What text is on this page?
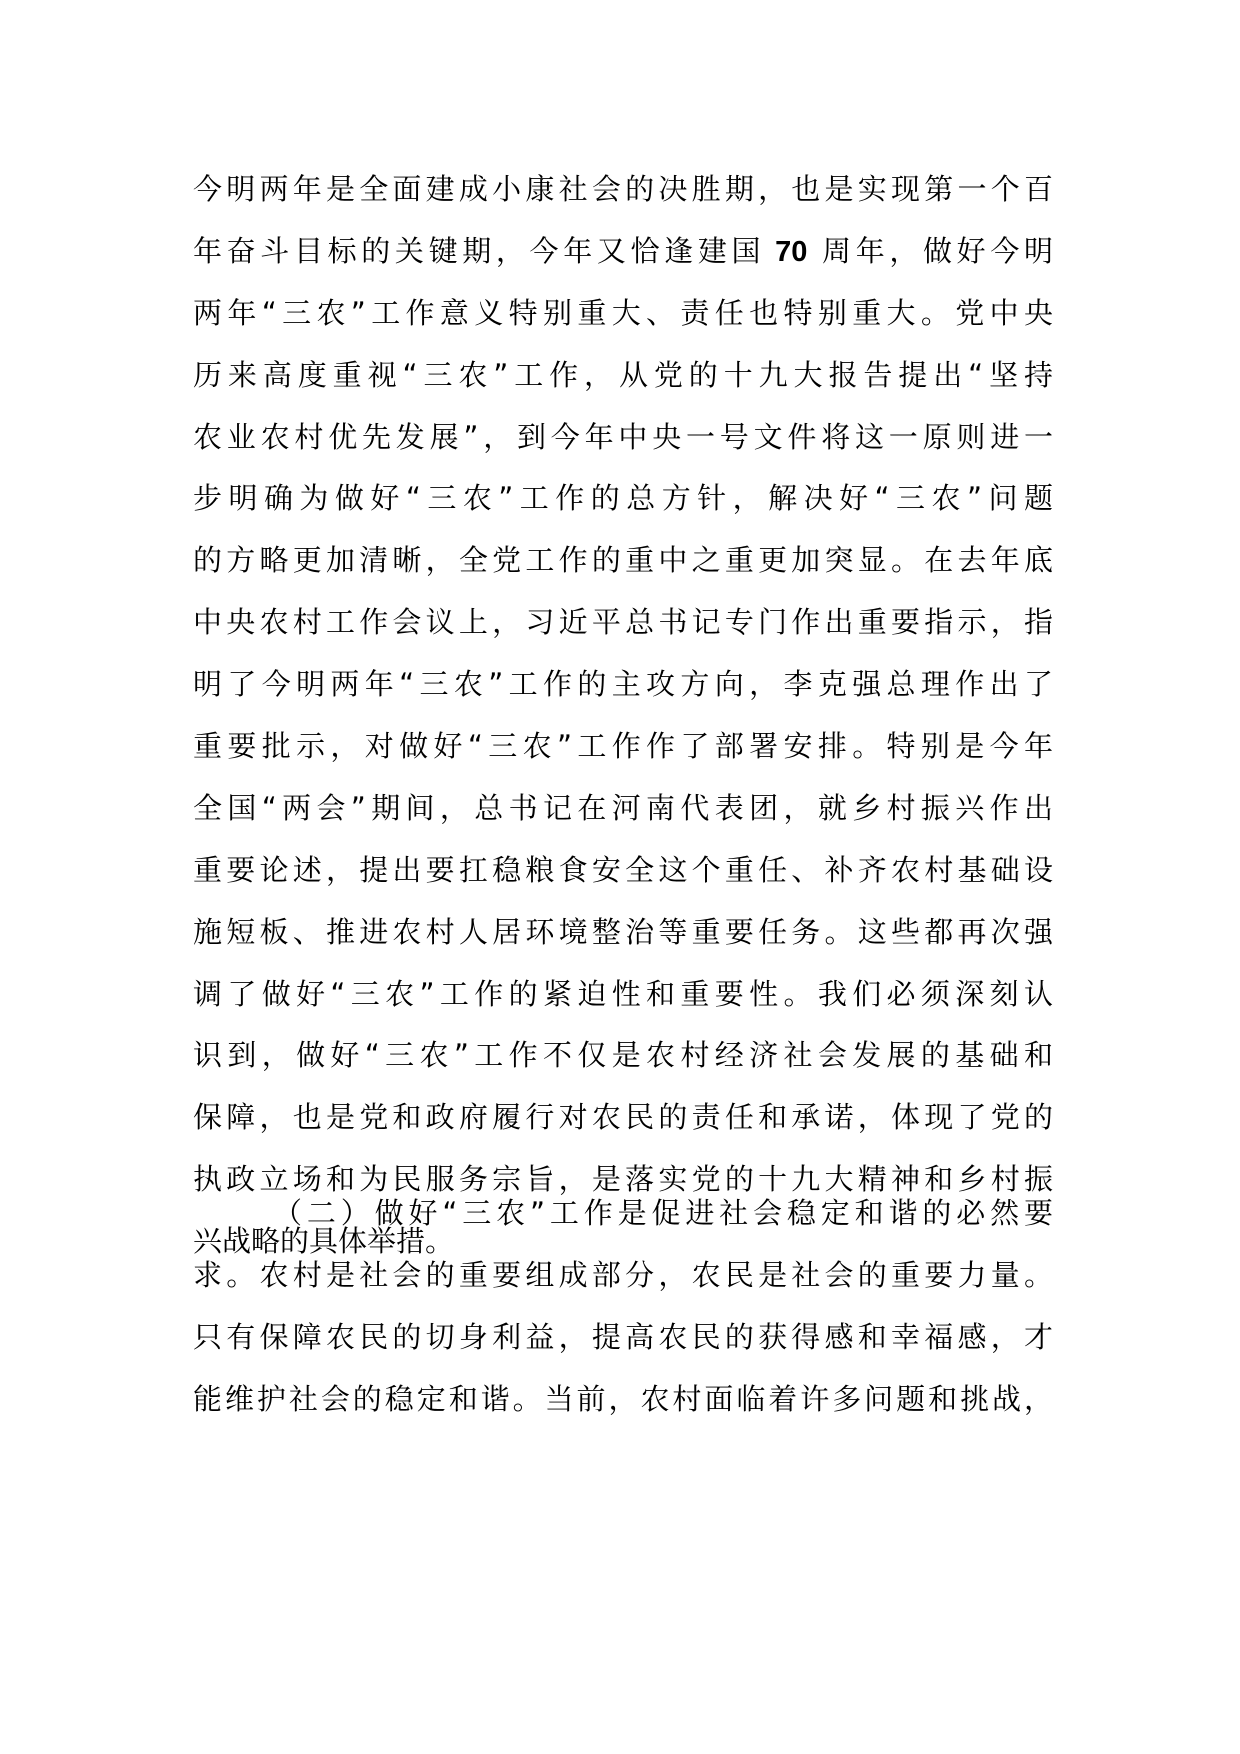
今明两年是全面建成小康社会的决胜期，也是实现第一个百
年奋斗目标的关键期，今年又恰逢建国 70 周年，做好今明
两年“三农”工作意义特别重大、责任也特别重大。党中央
历来高度重视“三农”工作，从党的十九大报告提出“坚持
农业农村优先发展”，到今年中央一号文件将这一原则进一
步明确为做好“三农”工作的总方针，解决好“三农”问题
的方略更加清晰，全党工作的重中之重更加突显。在去年底
中央农村工作会议上，习近平总书记专门作出重要指示，指
明了今明两年“三农”工作的主攻方向，李克强总理作出了
重要批示，对做好“三农”工作作了部署安排。特别是今年
全国“两会”期间，总书记在河南代表团，就乡村振兴作出
重要论述，提出要扛稳粮食安全这个重任、补齐农村基础设
施短板、推进农村人居环境整治等重要任务。这些都再次强
调了做好“三农”工作的紧迫性和重要性。我们必须深刻认
识到，做好“三农”工作不仅是农村经济社会发展的基础和
保障，也是党和政府履行对农民的责任和承诺，体现了党的
执政立场和为民服务宗旨，是落实党的十九大精神和乡村振
兴战略的具体举措。
（二）做好“三农”工作是促进社会稳定和谐的必然要
求。农村是社会的重要组成部分，农民是社会的重要力量。
只有保障农民的切身利益，提高农民的获得感和幸福感，才
能维护社会的稳定和谐。当前，农村面临着许多问题和挑战，
